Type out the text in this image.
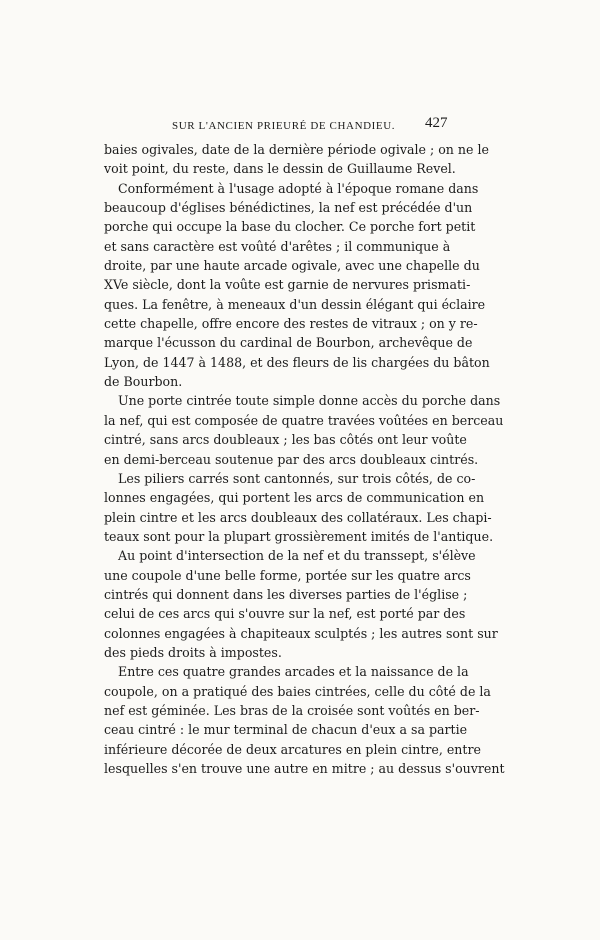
SUR L'ANCIEN PRIEURÉ DE CHANDIEU. 427
baies ogivales, date de la dernière période ogivale ; on ne le
voit point, du reste, dans le dessin de Guillaume Revel.
Conformément à l'usage adopté à l'époque romane dans
beaucoup d'églises bénédictines, la nef est précédée d'un
porche qui occupe la base du clocher. Ce porche fort petit
et sans caractère est voûté d'arêtes ; il communique à
droite, par une haute arcade ogivale, avec une chapelle du
XVe siècle, dont la voûte est garnie de nervures prismati-
ques. La fenêtre, à meneaux d'un dessin élégant qui éclaire
cette chapelle, offre encore des restes de vitraux ; on y re-
marque l'écusson du cardinal de Bourbon, archevêque de
Lyon, de 1447 à 1488, et des fleurs de lis chargées du bâton
de Bourbon.
Une porte cintrée toute simple donne accès du porche dans
la nef, qui est composée de quatre travées voûtées en berceau
cintré, sans arcs doubleaux ; les bas côtés ont leur voûte
en demi-berceau soutenue par des arcs doubleaux cintrés.
Les piliers carrés sont cantonnés, sur trois côtés, de co-
lonnes engagées, qui portent les arcs de communication en
plein cintre et les arcs doubleaux des collatéraux. Les chapi-
teaux sont pour la plupart grossièrement imités de l'antique.
Au point d'intersection de la nef et du transsept, s'élève
une coupole d'une belle forme, portée sur les quatre arcs
cintrés qui donnent dans les diverses parties de l'église ;
celui de ces arcs qui s'ouvre sur la nef, est porté par des
colonnes engagées à chapiteaux sculptés ; les autres sont sur
des pieds droits à impostes.
Entre ces quatre grandes arcades et la naissance de la
coupole, on a pratiqué des baies cintrées, celle du côté de la
nef est géminée. Les bras de la croisée sont voûtés en ber-
ceau cintré : le mur terminal de chacun d'eux a sa partie
inférieure décorée de deux arcatures en plein cintre, entre
lesquelles s'en trouve une autre en mitre ; au dessus s'ouvrent
